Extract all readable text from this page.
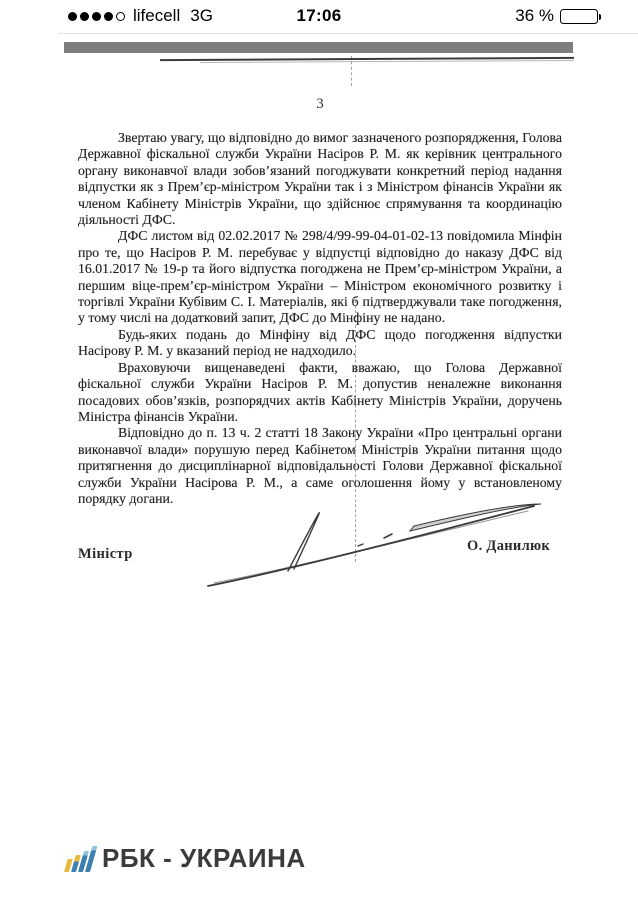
lifecell 3G	17:06	36 %
3

Звертаю увагу, що відповідно до вимог зазначеного розпорядження, Голова Державної фіскальної служби України Насіров Р. М. як керівник центрального органу виконавчої влади зобов’язаний погоджувати конкретний період надання відпустки як з Прем’єр-міністром України так і з Міністром фінансів України як членом Кабінету Міністрів України, що здійснює спрямування та координацію діяльності ДФС.

ДФС листом від 02.02.2017 № 298/4/99-99-04-01-02-13 повідомила Мінфін про те, що Насіров Р. М. перебуває у відпустці відповідно до наказу ДФС від 16.01.2017 № 19-р та його відпустка погоджена не Прем’єр-міністром України, а першим віце-прем’єр-міністром України – Міністром економічного розвитку і торгівлі України Кубівим С. І. Матеріалів, які б підтверджували таке погодження, у тому числі на додатковий запит, ДФС до Мінфіну не надано.

Будь-яких подань до Мінфіну від ДФС щодо погодження відпустки Насірову Р. М. у вказаний період не надходило.

Враховуючи вищенаведені факти, вважаю, що Голова Державної фіскальної служби України Насіров Р. М. допустив неналежне виконання посадових обов’язків, розпорядчих актів Кабінету Міністрів України, доручень Міністра фінансів України.

Відповідно до п. 13 ч. 2 статті 18 Закону України «Про центральні органи виконавчої влади» порушую перед Кабінетом Міністрів України питання щодо притягнення до дисциплінарної відповідальності Голови Державної фіскальної служби України Насірова Р. М., а саме оголошення йому у встановленому порядку догани.

Міністр	О. Данилюк
РБК - УКРАИНА
